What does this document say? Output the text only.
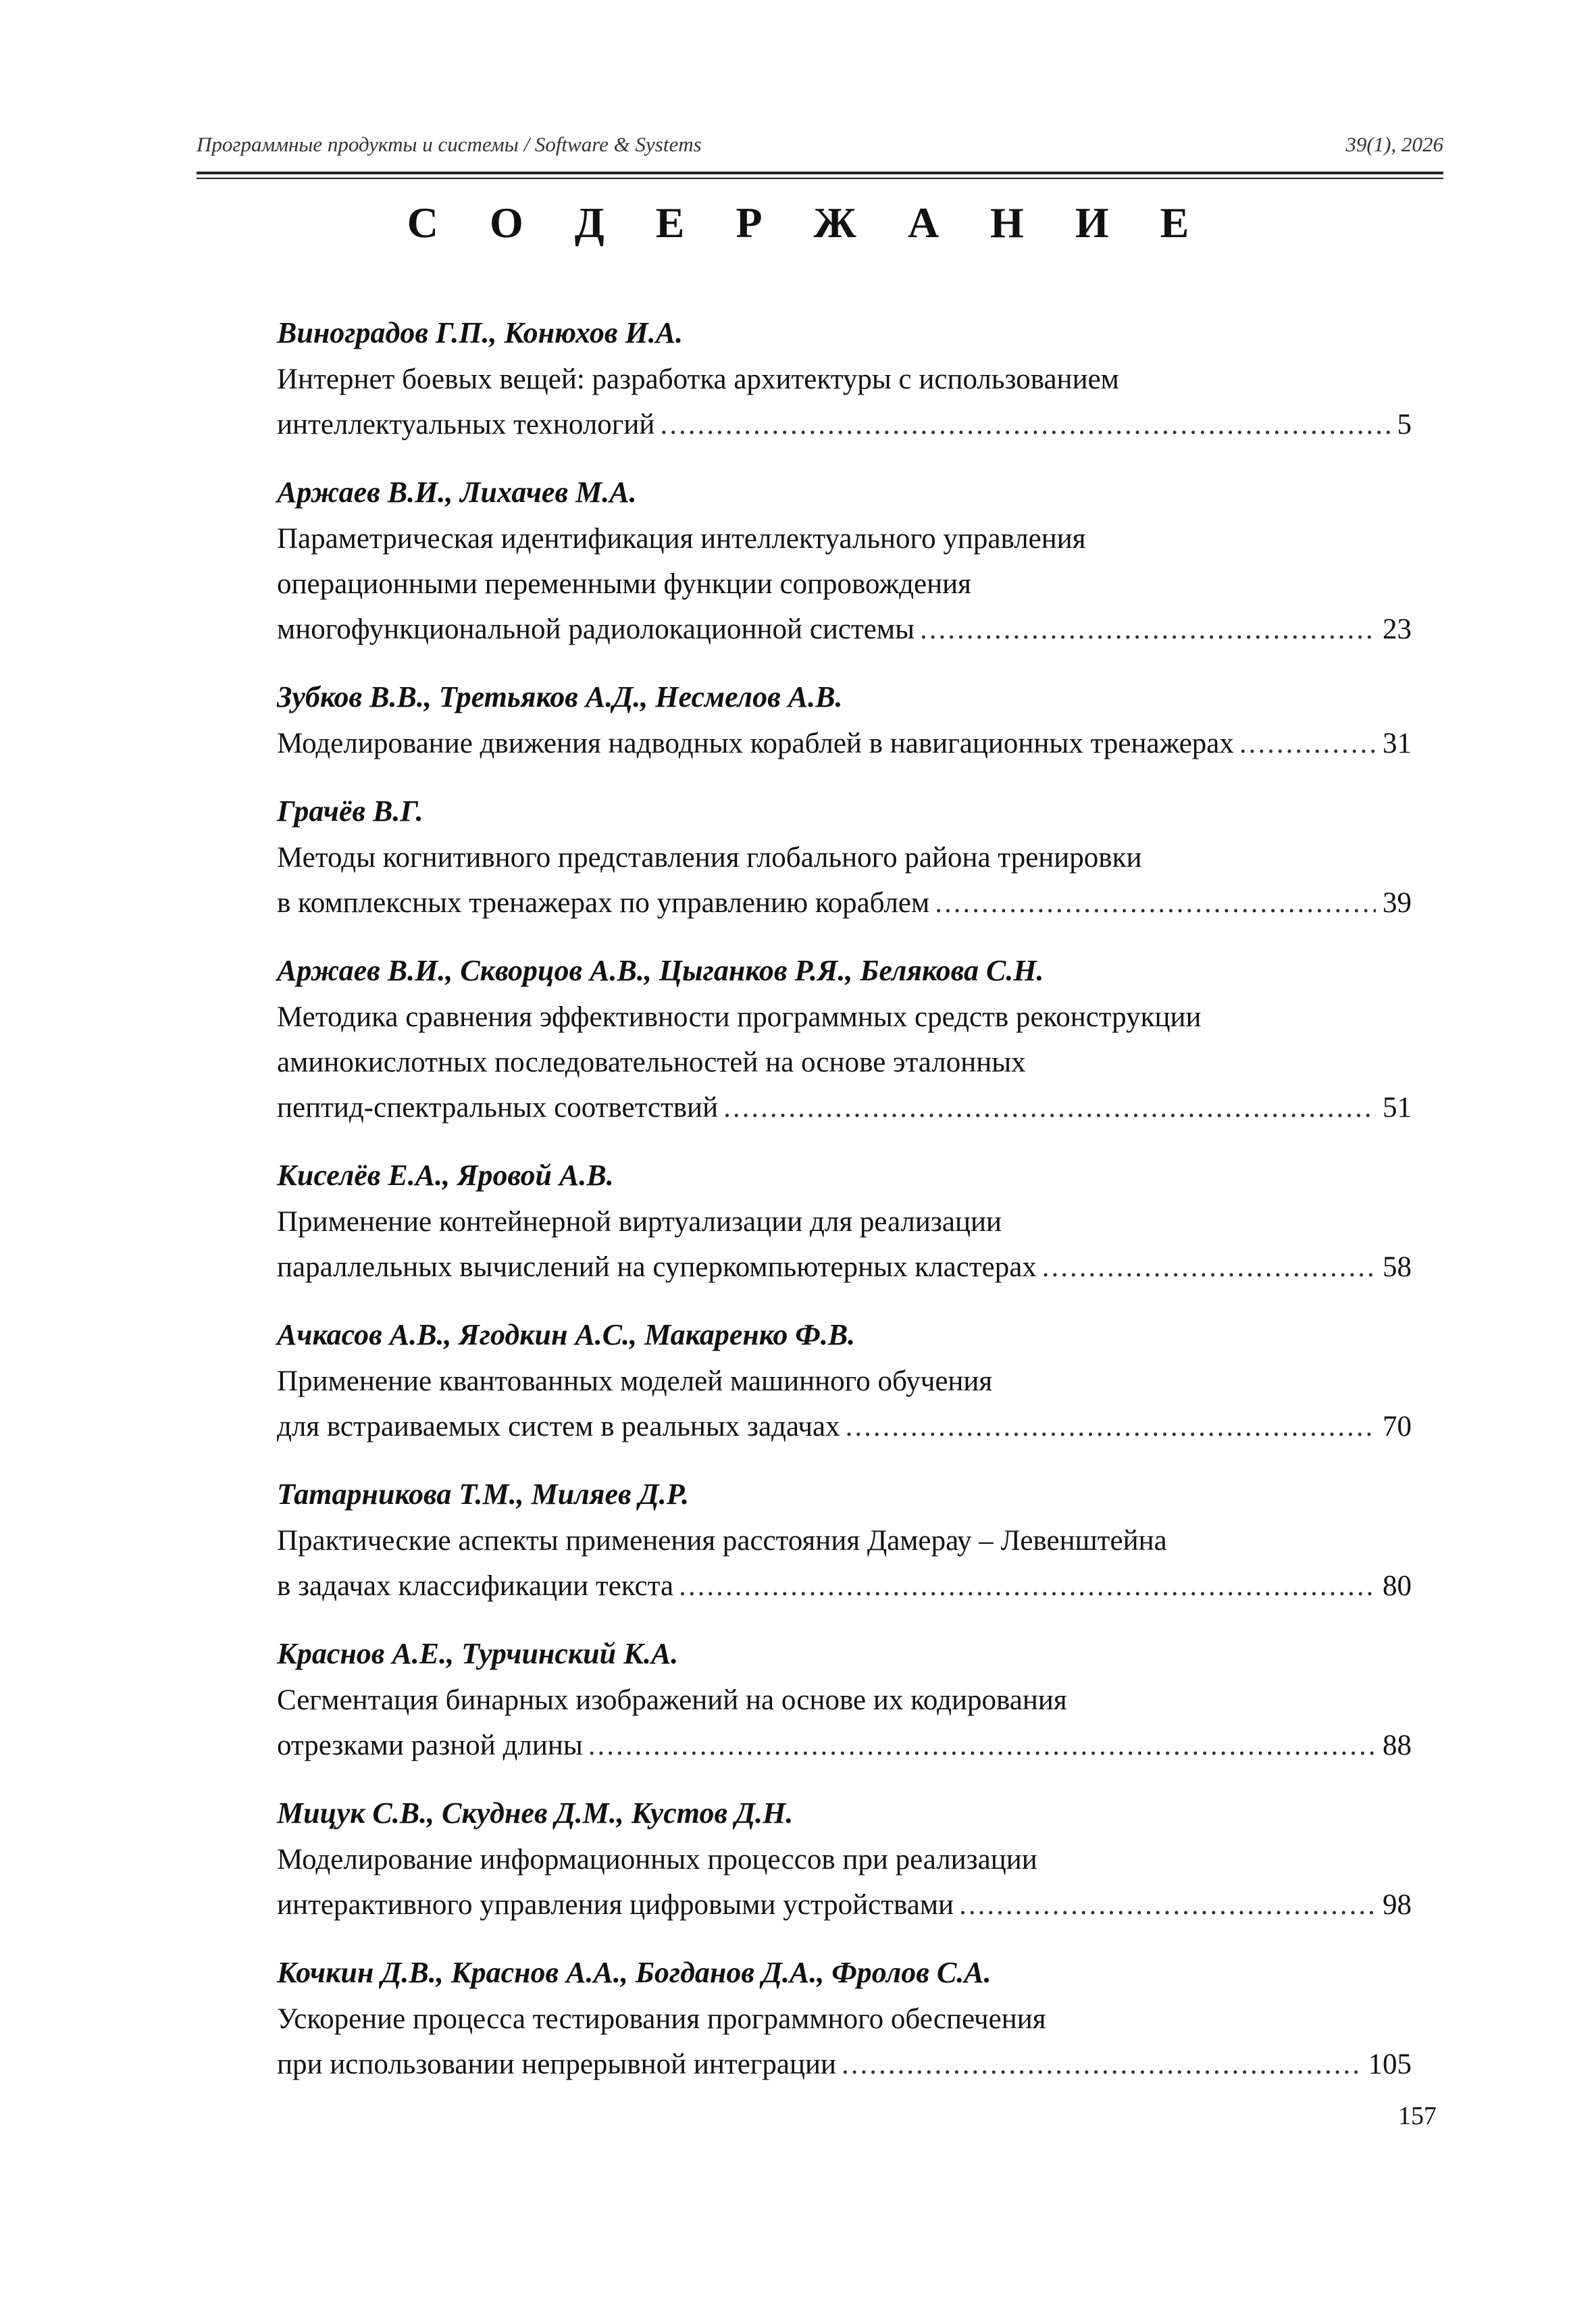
Программные продукты и системы / Software & Systems	39(1), 2026
С О Д Е Р Ж А Н И Е
Виноградов Г.П., Конюхов И.А.
Интернет боевых вещей: разработка архитектуры с использованием
интеллектуальных технологий .....	5
Аржаев В.И., Лихачев М.А.
Параметрическая идентификация интеллектуального управления
операционными переменными функции сопровождения
многофункциональной радиолокационной системы .....	23
Зубков В.В., Третьяков А.Д., Несмелов А.В.
Моделирование движения надводных кораблей в навигационных тренажерах .....	31
Грачёв В.Г.
Методы когнитивного представления глобального района тренировки
в комплексных тренажерах по управлению кораблем .....	39
Аржаев В.И., Скворцов А.В., Цыганков Р.Я., Белякова С.Н.
Методика сравнения эффективности программных средств реконструкции
аминокислотных последовательностей на основе эталонных
пептид-спектральных соответствий .....	51
Киселёв Е.А., Яровой А.В.
Применение контейнерной виртуализации для реализации
параллельных вычислений на суперкомпьютерных кластерах .....	58
Ачкасов А.В., Ягодкин А.С., Макаренко Ф.В.
Применение квантованных моделей машинного обучения
для встраиваемых систем в реальных задачах .....	70
Татарникова Т.М., Миляев Д.Р.
Практические аспекты применения расстояния Дамерау – Левенштейна
в задачах классификации текста .....	80
Краснов А.Е., Турчинский К.А.
Сегментация бинарных изображений на основе их кодирования
отрезками разной длины .....	88
Мицук С.В., Скуднев Д.М., Кустов Д.Н.
Моделирование информационных процессов при реализации
интерактивного управления цифровыми устройствами .....	98
Кочкин Д.В., Краснов А.А., Богданов Д.А., Фролов С.А.
Ускорение процесса тестирования программного обеспечения
при использовании непрерывной интеграции .....	105
157
